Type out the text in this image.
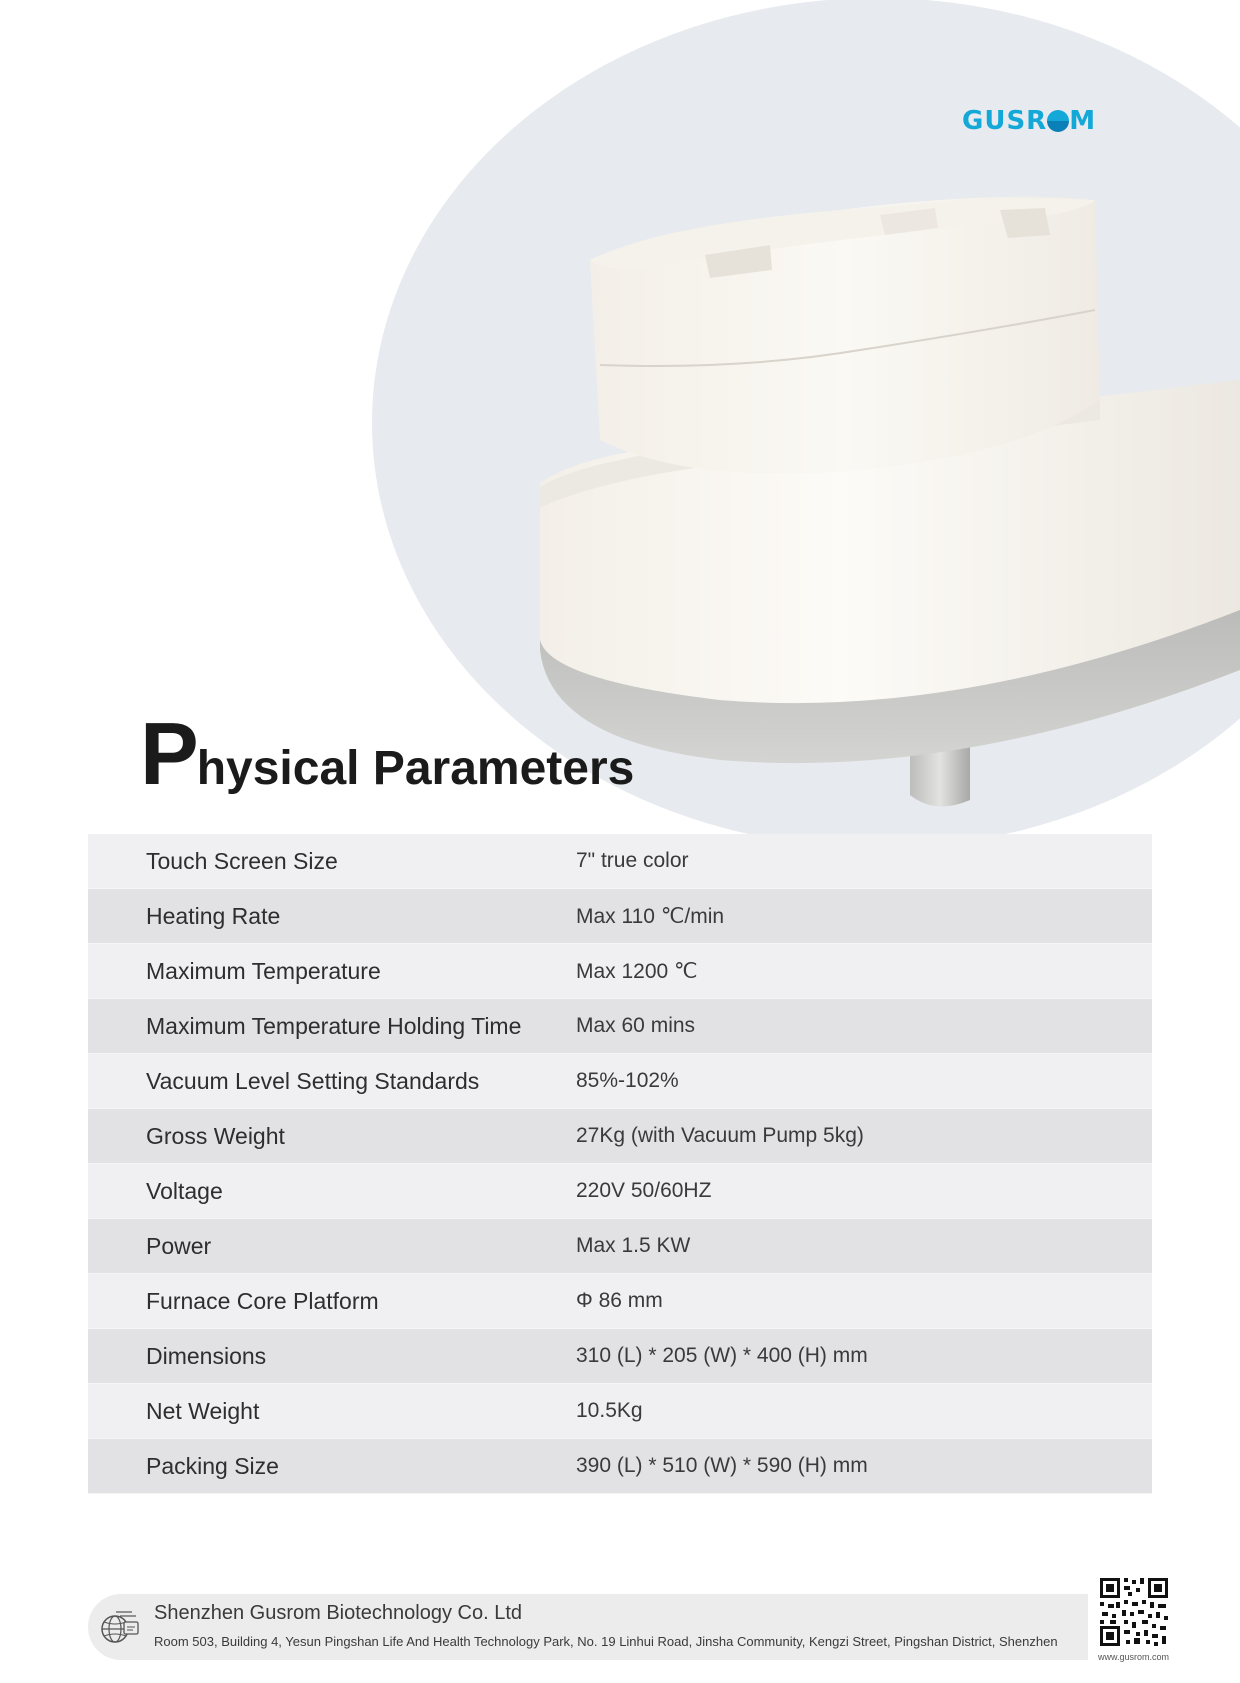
GUSR M
Physical Parameters
Touch Screen Size	7" true color
Heating Rate	Max 110 ℃/min
Maximum Temperature	Max 1200 ℃
Maximum Temperature Holding Time	Max 60 mins
Vacuum Level Setting Standards	85%-102%
Gross Weight	27Kg (with Vacuum Pump 5kg)
Voltage	220V 50/60HZ
Power	Max 1.5 KW
Furnace Core Platform	Φ 86 mm
Dimensions	310 (L) * 205 (W) * 400 (H) mm
Net Weight	10.5Kg
Packing Size	390 (L) * 510 (W) * 590 (H) mm
Shenzhen Gusrom Biotechnology Co. Ltd
Room 503, Building 4, Yesun Pingshan Life And Health Technology Park, No. 19 Linhui Road, Jinsha Community, Kengzi Street, Pingshan District, Shenzhen
www.gusrom.com
